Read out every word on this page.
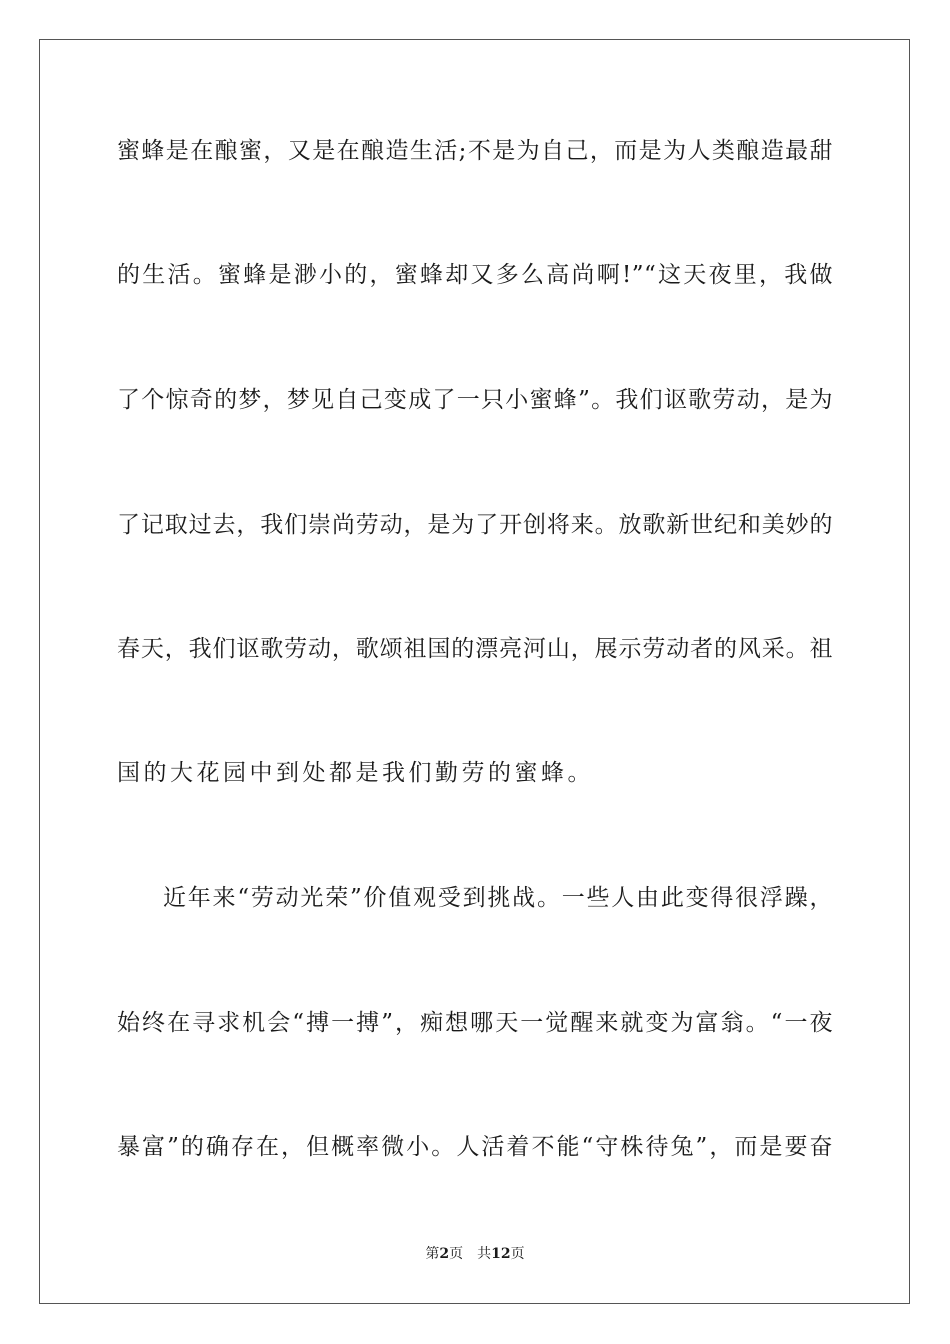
蜜蜂是在酿蜜，又是在酿造生活;不是为自己，而是为人类酿造最甜
的生活。蜜蜂是渺小的，蜜蜂却又多么高尚啊!”“这天夜里，我做
了个惊奇的梦，梦见自己变成了一只小蜜蜂”。我们讴歌劳动，是为
了记取过去，我们崇尚劳动，是为了开创将来。放歌新世纪和美妙的
春天，我们讴歌劳动，歌颂祖国的漂亮河山，展示劳动者的风采。祖
国的大花园中到处都是我们勤劳的蜜蜂。
近年来“劳动光荣”价值观受到挑战。一些人由此变得很浮躁，
始终在寻求机会“搏一搏”，痴想哪天一觉醒来就变为富翁。“一夜
暴富”的确存在，但概率微小。人活着不能“守株待兔”，而是要奋
第2页 共12页
